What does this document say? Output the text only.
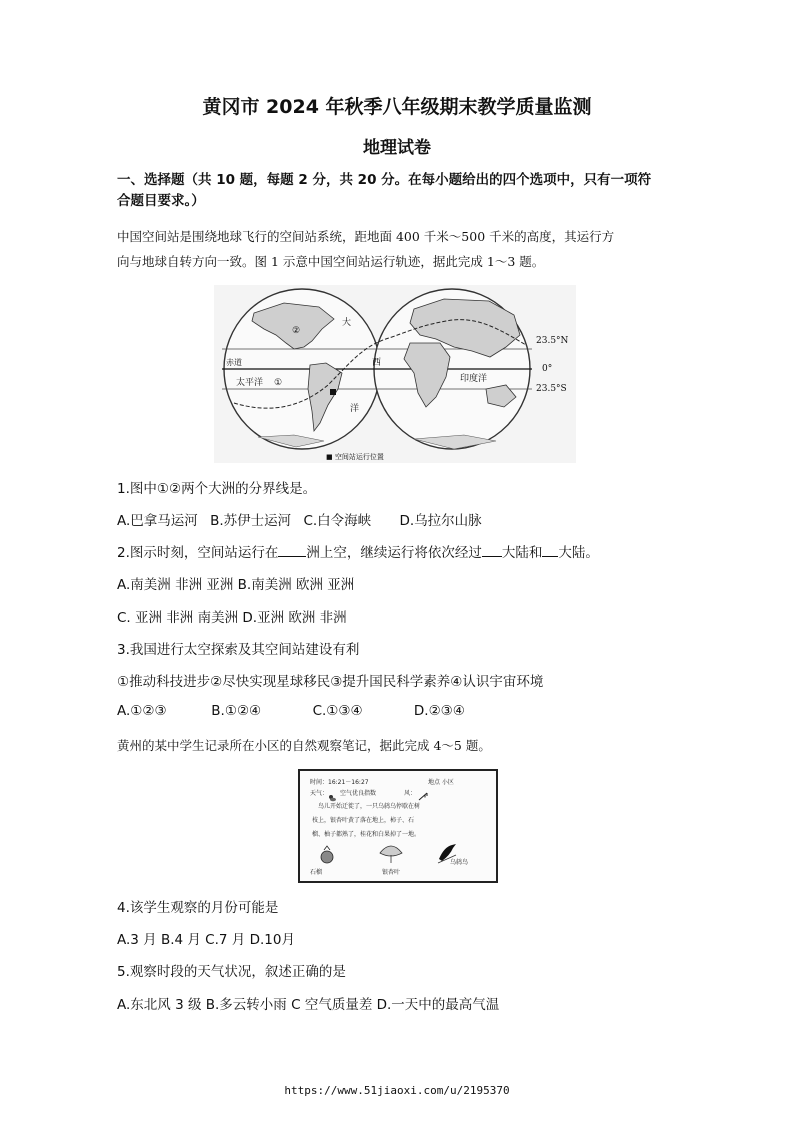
黄冈市 2024 年秋季八年级期末教学质量监测
地理试卷
一、选择题（共 10 题，每题 2 分，共 20 分。在每小题给出的四个选项中，只有一项符
合题目要求。）
中国空间站是围绕地球飞行的空间站系统，距地面 400 千米～500 千米的高度，其运行方
向与地球自转方向一致。图 1 示意中国空间站运行轨迹，据此完成 1～3 题。
②
①
赤道
太平洋
大
西
洋
印度洋
23.5°N
0°
23.5°S
■ 空间站运行位置
1.图中①②两个大洲的分界线是。
A.巴拿马运河 B.苏伊士运河 C.白令海峡 D.乌拉尔山脉
2.图示时刻，空间站运行在 洲上空，继续运行将依次经过 大陆和 大陆。
A.南美洲 非洲 亚洲 B.南美洲 欧洲 亚洲
C. 亚洲 非洲 南美洲 D.亚洲 欧洲 非洲
3.我国进行太空探索及其空间站建设有利
①推动科技进步②尽快实现星球移民③提升国民科学素养④认识宇宙环境
A.①②③	B.①②④	C.①③④	D.②③④
黄州的某中学生记录所在小区的自然观察笔记，据此完成 4～5 题。
时间：16:21－16:27	地点 小区
天气： 空气优良指数	风：
鸟儿开始迁徙了，一只乌鸫乌停歇在树
枝上，银杏叶黄了落在地上，柿子、石
榴、柚子都熟了，桂花和白果掉了一地。
石榴	银杏叶
乌鸫鸟
4.该学生观察的月份可能是
A.3 月 B.4 月 C.7 月 D.10月
5.观察时段的天气状况，叙述正确的是
A.东北风 3 级 B.多云转小雨 C 空气质量差 D.一天中的最高气温
https://www.51jiaoxi.com/u/2195370
